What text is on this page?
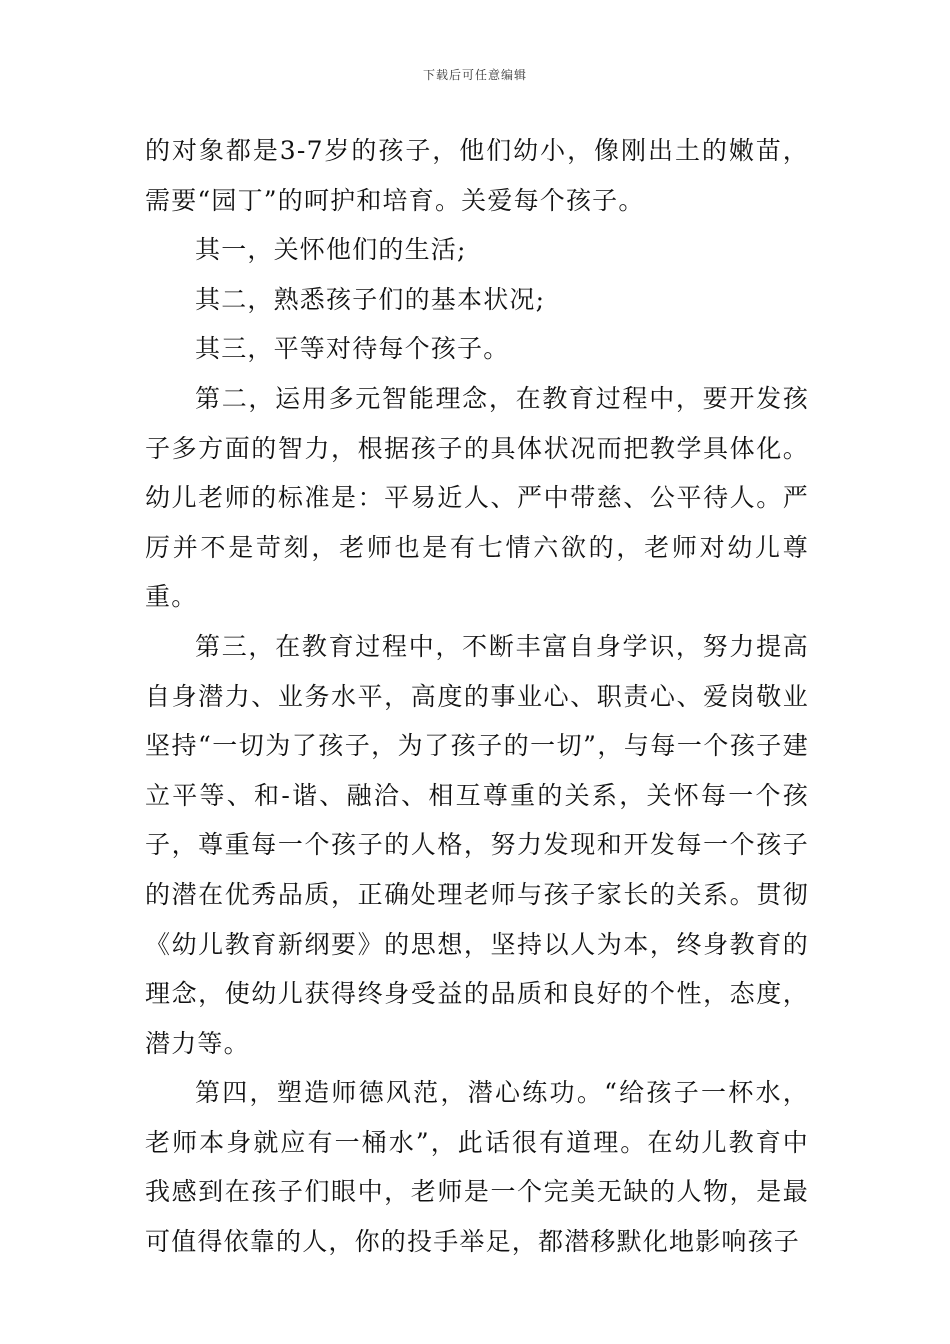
下载后可任意编辑

的对象都是3-7岁的孩子，他们幼小，像刚出土的嫩苗，需要“园丁”的呵护和培育。关爱每个孩子。

其一，关怀他们的生活;

其二，熟悉孩子们的基本状况;

其三，平等对待每个孩子。

第二，运用多元智能理念，在教育过程中，要开发孩子多方面的智力，根据孩子的具体状况而把教学具体化。幼儿老师的标准是：平易近人、严中带慈、公平待人。严厉并不是苛刻，老师也是有七情六欲的，老师对幼儿尊重。

第三，在教育过程中，不断丰富自身学识，努力提高自身潜力、业务水平，高度的事业心、职责心、爱岗敬业坚持“一切为了孩子，为了孩子的一切”，与每一个孩子建立平等、和-谐、融洽、相互尊重的关系，关怀每一个孩子，尊重每一个孩子的人格，努力发现和开发每一个孩子的潜在优秀品质，正确处理老师与孩子家长的关系。贯彻《幼儿教育新纲要》的思想，坚持以人为本，终身教育的理念，使幼儿获得终身受益的品质和良好的个性，态度，潜力等。

第四，塑造师德风范，潜心练功。“给孩子一杯水，老师本身就应有一桶水”，此话很有道理。在幼儿教育中我感到在孩子们眼中，老师是一个完美无缺的人物，是最可值得依靠的人，你的投手举足，都潜移默化地影响孩子
